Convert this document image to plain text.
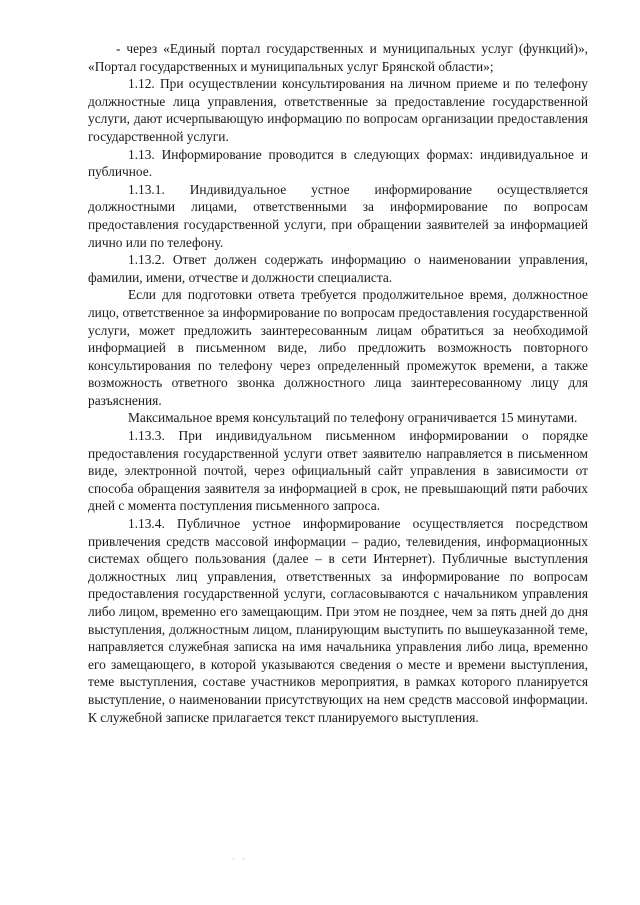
- через «Единый портал государственных и муниципальных услуг (функций)», «Портал государственных и муниципальных услуг Брянской области»;

1.12. При осуществлении консультирования на личном приеме и по телефону должностные лица управления, ответственные за предоставление государственной услуги, дают исчерпывающую информацию по вопросам организации предоставления государственной услуги.

1.13. Информирование проводится в следующих формах: индивидуальное и публичное.

1.13.1. Индивидуальное устное информирование осуществляется должностными лицами, ответственными за информирование по вопросам предоставления государственной услуги, при обращении заявителей за информацией лично или по телефону.

1.13.2. Ответ должен содержать информацию о наименовании управления, фамилии, имени, отчестве и должности специалиста.

Если для подготовки ответа требуется продолжительное время, должностное лицо, ответственное за информирование по вопросам предоставления государственной услуги, может предложить заинтересованным лицам обратиться за необходимой информацией в письменном виде, либо предложить возможность повторного консультирования по телефону через определенный промежуток времени, а также возможность ответного звонка должностного лица заинтересованному лицу для разъяснения.

Максимальное время консультаций по телефону ограничивается 15 минутами.

1.13.3. При индивидуальном письменном информировании о порядке предоставления государственной услуги ответ заявителю направляется в письменном виде, электронной почтой, через официальный сайт управления в зависимости от способа обращения заявителя за информацией в срок, не превышающий пяти рабочих дней с момента поступления письменного запроса.

1.13.4. Публичное устное информирование осуществляется посредством привлечения средств массовой информации – радио, телевидения, информационных системах общего пользования (далее – в сети Интернет). Публичные выступления должностных лиц управления, ответственных за информирование по вопросам предоставления государственной услуги, согласовываются с начальником управления либо лицом, временно его замещающим. При этом не позднее, чем за пять дней до дня выступления, должностным лицом, планирующим выступить по вышеуказанной теме, направляется служебная записка на имя начальника управления либо лица, временно его замещающего, в которой указываются сведения о месте и времени выступления, теме выступления, составе участников мероприятия, в рамках которого планируется выступление, о наименовании присутствующих на нем средств массовой информации. К служебной записке прилагается текст планируемого выступления.

·   ·
